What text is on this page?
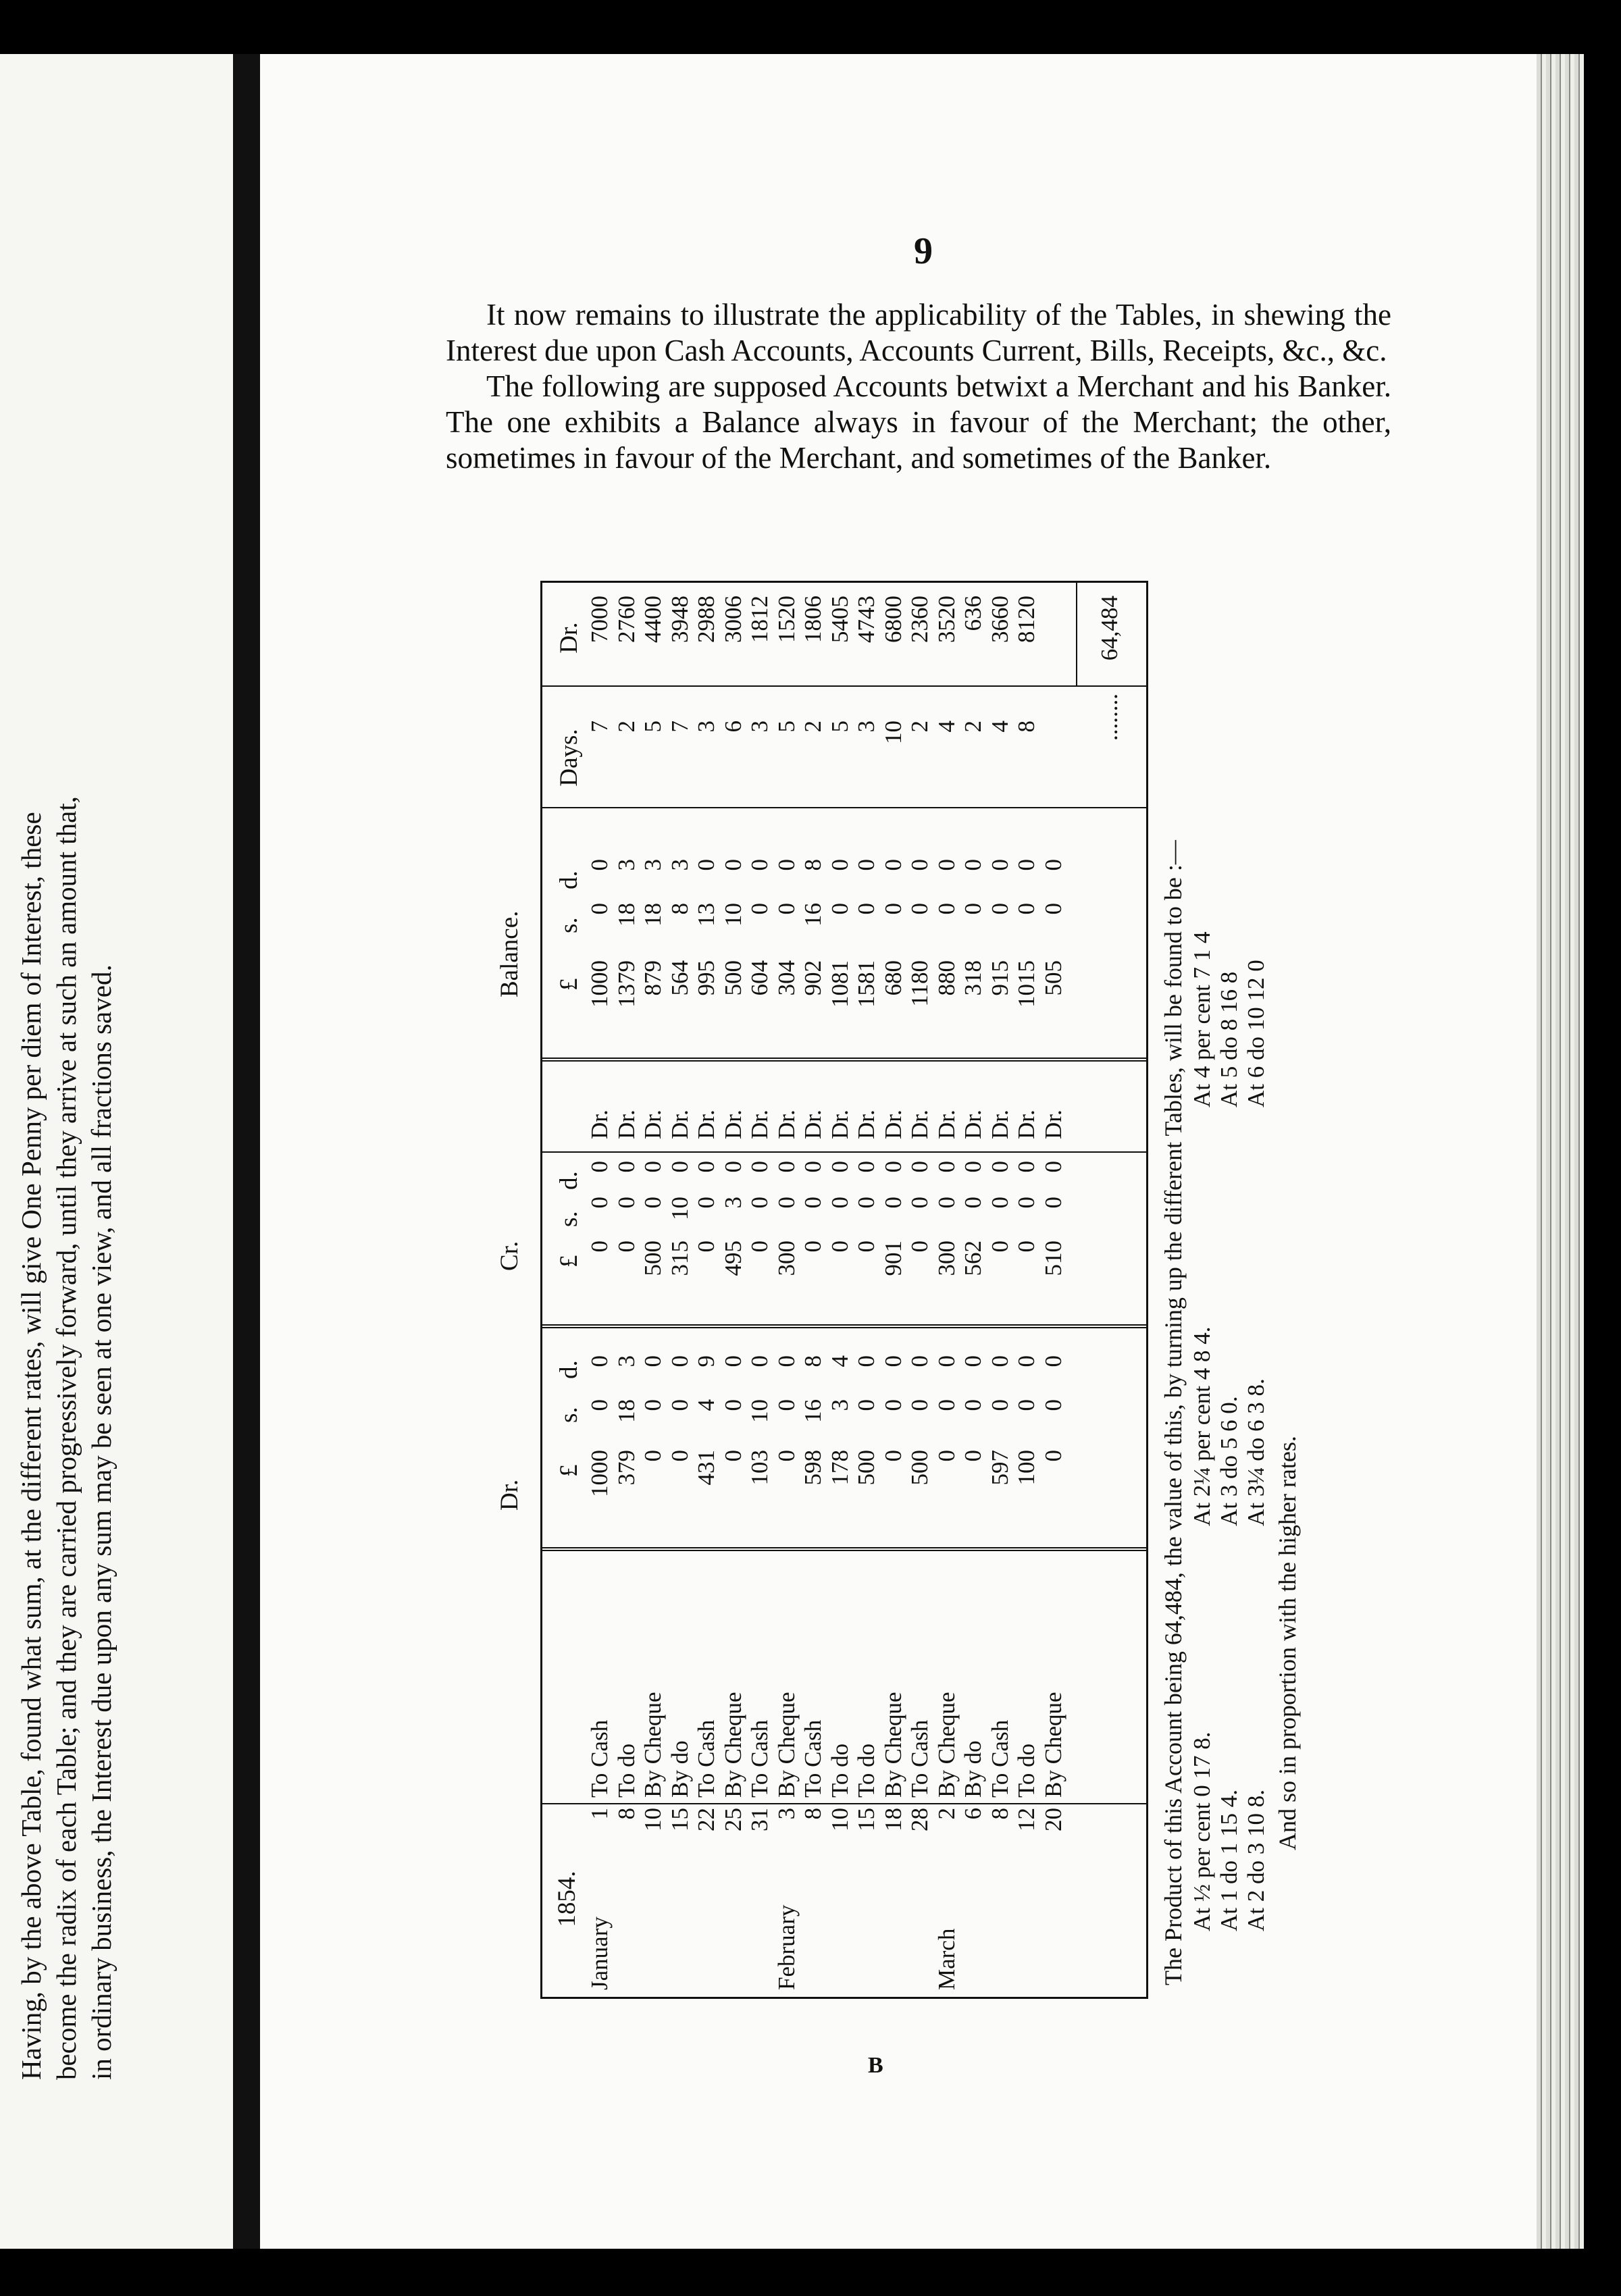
Having, by the above Table, found what sum, at the different rates, will give One Penny per diem of Interest, these become the radix of each Table; and they are carried progressively forward, until they arrive at such an amount that, in ordinary business, the Interest due upon any sum may be seen at one view, and all fractions saved.
9

It now remains to illustrate the applicability of the Tables, in shewing the Interest due upon Cash Accounts, Accounts Current, Bills, Receipts, &c., &c.

The following are supposed Accounts betwixt a Merchant and his Banker. The one exhibits a Balance always in favour of the Merchant; the other, sometimes in favour of the Merchant, and sometimes of the Banker.

January	February	March
1 8 10 15 22 25 31 3 8 10 15 18 28 2 6 8 12 20
To Cash To do By Cheque By do To Cash By Cheque To Cash By Cheque To Cash To do To do By Cheque To Cash By Cheque By do To Cash To do By Cheque
1000 379 0 0 431 0 103 0 598 178 500 0 500 0 0 597 100 0
0 18 0 0 4 0 10 0 16 3 0 0 0 0 0 0 0 0
0 3 0 0 9 0 0 0 8 4 0 0 0 0 0 0 0 0
0 0 500 315 0 495 0 300 0 0 0 901 0 300 562 0 0 510
0 0 0 10 0 3 0 0 0 0 0 0 0 0 0 0 0 0
0 0 0 0 0 0 0 0 0 0 0 0 0 0 0 0 0 0
Dr. Dr. Dr. Dr. Dr. Dr. Dr. Dr. Dr. Dr. Dr. Dr. Dr. Dr. Dr. Dr. Dr. Dr.
1000 1379 879 564 995 500 604 304 902 1081 1581 680 1180 880 318 915 1015 505
0 18 18 8 13 10 0 0 16 0 0 0 0 0 0 0 0 0
0 3 3 3 0 0 0 0 8 0 0 0 0 0 0 0 0 0
7 2 5 7 3 6 3 5 2 5 3 10 2 4 2 4 8
7000 2760 4400 3948 2988 3006 1812 1520 1806 5405 4743 6800 2360 3520 636 3660 8120
1854.
Dr.
Cr.
Balance.
£
s.
d.
£
s.
d.
£
s.
d.
Days.
Dr.
........
64,484
The Product of this Account being 64,484, the value of this, by turning up the different Tables, will be found to be :— At ½ per cent 0 17 8. At 1 do 1 15 4. At 2 do 3 10 8.
At 2¼ per cent 4 8 4. At 3 do 5 6 0. At 3¼ do 6 3 8.
At 4 per cent 7 1 4 At 5 do 8 16 8 At 6 do 10 12 0
And so in proportion with the higher rates.
B
